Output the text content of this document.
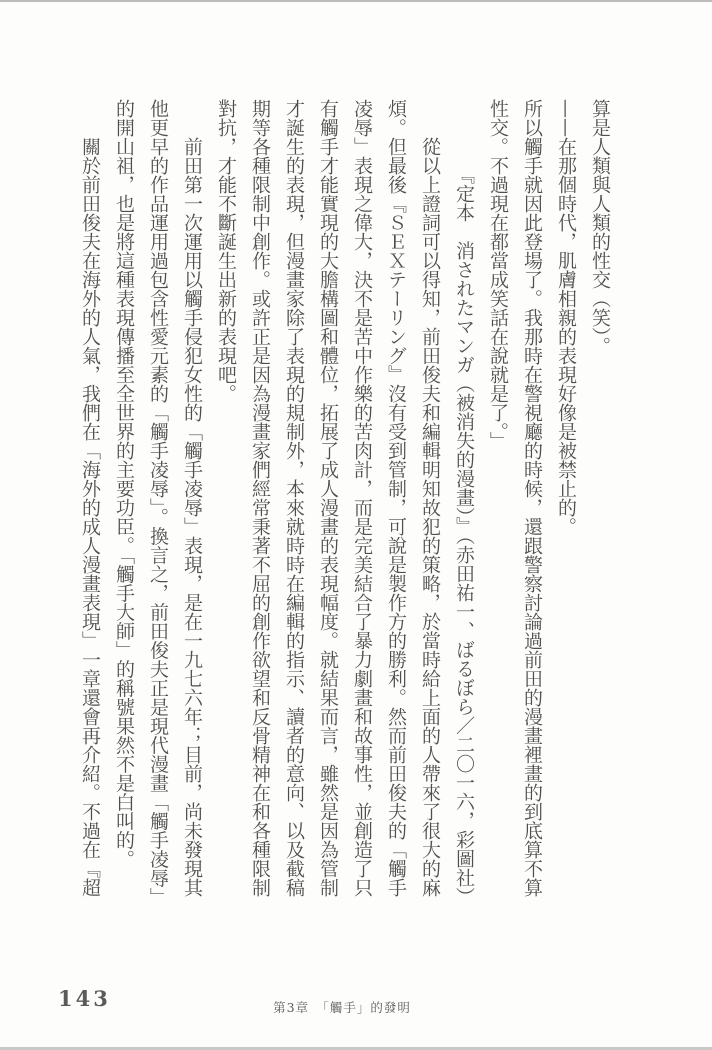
算是人類與人類的性交（笑）。

——在那個時代，肌膚相親的表現好像是被禁止的。

所以觸手就因此登場了。我那時在警視廳的時候，還跟警察討論過前田的漫畫裡畫的到底算不算性交。不過現在都當成笑話在說就是了。」

『定本　消されたマンガ（被消失的漫畫）』（赤田祐一、ばるぼら／二〇一六，彩圖社）

從以上證詞可以得知，前田俊夫和編輯明知故犯的策略，於當時給上面的人帶來了很大的麻煩。但最後『ＳＥＸテーリング』沒有受到管制，可說是製作方的勝利。然而前田俊夫的「觸手凌辱」表現之偉大，決不是苦中作樂的苦肉計，而是完美結合了暴力劇畫和故事性，並創造了只有觸手才能實現的大膽構圖和體位，拓展了成人漫畫的表現幅度。就結果而言，雖然是因為管制才誕生的表現，但漫畫家除了表現的規制外，本來就時時在編輯的指示、讀者的意向、以及截稿期等各種限制中創作。或許正是因為漫畫家們經常秉著不屈的創作欲望和反骨精神在和各種限制對抗，才能不斷誕生出新的表現吧。

前田第一次運用以觸手侵犯女性的「觸手凌辱」表現，是在一九七六年；目前，尚未發現其他更早的作品運用過包含性愛元素的「觸手凌辱」。換言之，前田俊夫正是現代漫畫「觸手凌辱」的開山祖，也是將這種表現傳播至全世界的主要功臣。「觸手大師」的稱號果然不是白叫的。

關於前田俊夫在海外的人氣，我們在「海外的成人漫畫表現」一章還會再介紹。不過在『超

143	第3章　「觸手」的發明
